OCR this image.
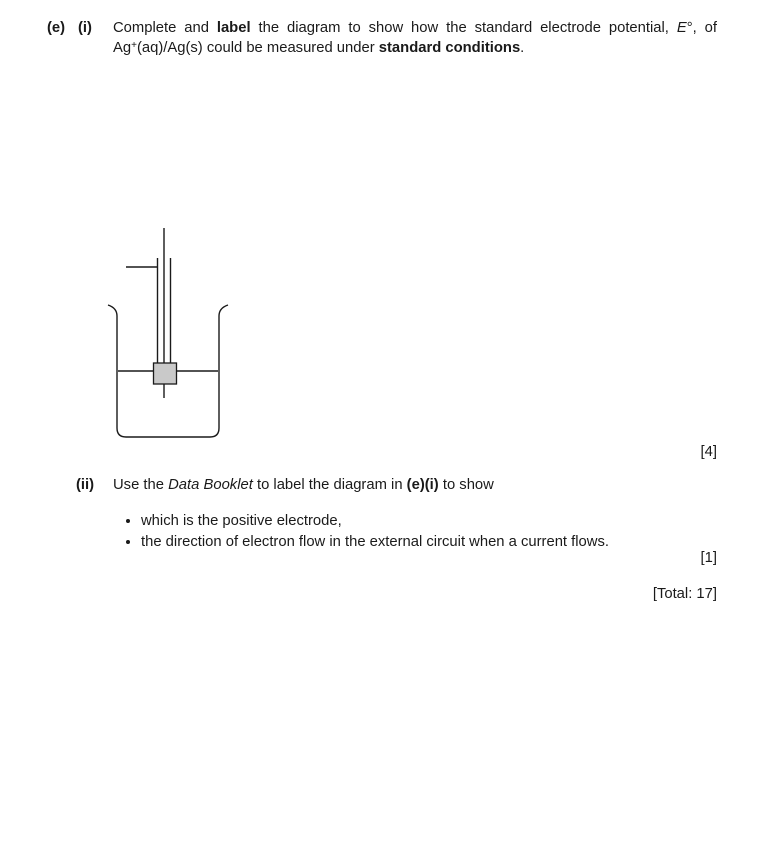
(e) (i)	Complete and label the diagram to show how the standard electrode potential, E°, of
Ag+(aq)/Ag(s) could be measured under standard conditions.
[4]
(ii)	Use the Data Booklet to label the diagram in (e)(i) to show
• which is the positive electrode,
• the direction of electron flow in the external circuit when a current flows.
[1]
[Total: 17]
